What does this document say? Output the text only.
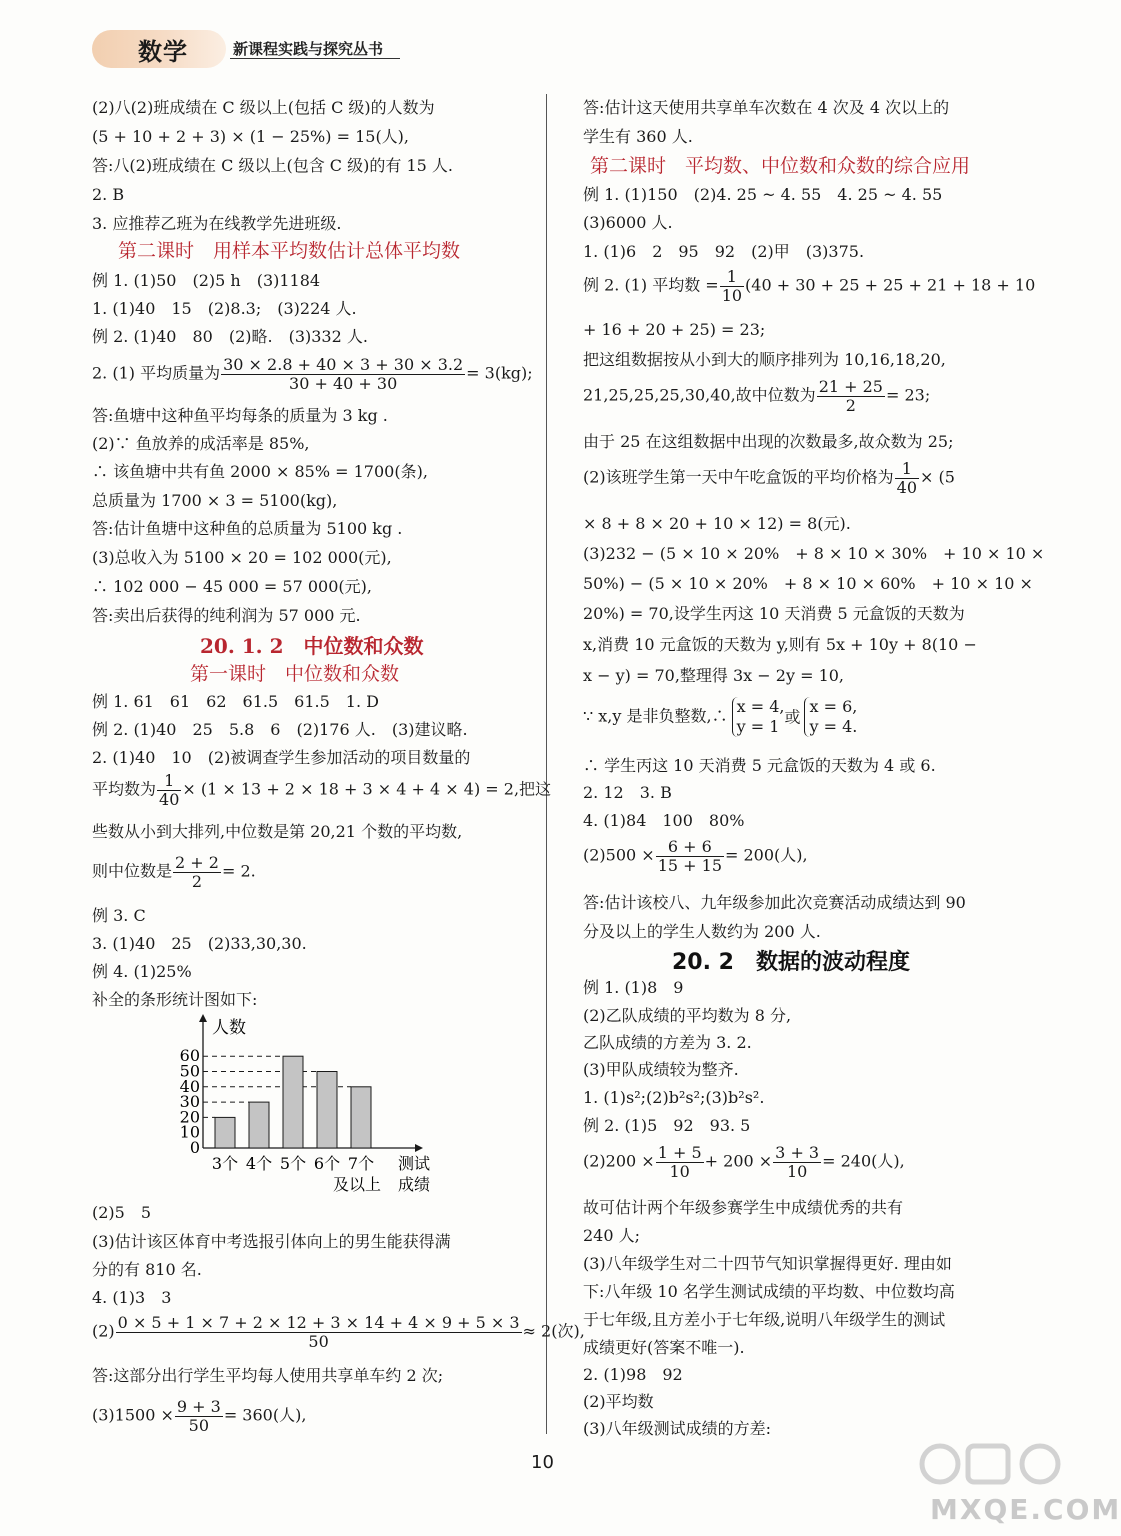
数学	新课程实践与探究丛书
(2)八(2)班成绩在 C 级以上(包括 C 级)的人数为
(5 + 10 + 2 + 3) × (1 − 25%) = 15(人),
答:八(2)班成绩在 C 级以上(包含 C 级)的有 15 人.
2. B
3. 应推荐乙班为在线教学先进班级.
第二课时　用样本平均数估计总体平均数
例 1. (1)50　(2)5 h　(3)1184
1. (1)40　15　(2)8.3;　(3)224 人.
例 2. (1)40　80　(2)略.　(3)332 人.
2. (1) 平均质量为 $\frac{30 \times 2.8 + 40 \times 3 + 30 \times 3.2}{30 + 40 + 30} = 3(kg)$;
答:鱼塘中这种鱼平均每条的质量为 3 kg .
(2)∵ 鱼放养的成活率是 85%,
∴ 该鱼塘中共有鱼 2000 × 85% = 1700(条),
总质量为 1700 × 3 = 5100(kg),
答:估计鱼塘中这种鱼的总质量为 5100 kg .
(3)总收入为 5100 × 20 = 102 000(元),
∴ 102 000 − 45 000 = 57 000(元),
答:卖出后获得的纯利润为 57 000 元.
20. 1. 2　中位数和众数
第一课时　中位数和众数
例 1. 61　61　62　61.5　61.5　1. D
例 2. (1)40　25　5.8　6　(2)176 人.　(3)建议略.
2. (1)40　10　(2)被调查学生参加活动的项目数量的
平均数为 $\frac{1}{40} \times (1 \times 13 + 2 \times 18 + 3 \times 4 + 4 \times 4) = 2$,把这
些数从小到大排列,中位数是第 20,21 个数的平均数,
则中位数是 $\frac{2 + 2}{2} = 2$.
例 3. C
3. (1)40　25　(2)33,30,30.
例 4. (1)25%
补全的条形统计图如下:
人数
0
10
20
30
40
50
60
3个 4个 5个 6个 7个 测试
成绩
及以上
(2)5　5
(3)估计该区体育中考选报引体向上的男生能获得满
分的有 810 名.
4. (1)3　3
$(2) \frac{0 \times 5 + 1 \times 7 + 2 \times 12 + 3 \times 14 + 4 \times 9 + 5 \times 3}{50} \approx 2$(次),
答:这部分出行学生平均每人使用共享单车约 2 次;
$(3)1500 \times \frac{9 + 3}{50} = 360$(人),
答:估计这天使用共享单车次数在 4 次及 4 次以上的
学生有 360 人.
第二课时　平均数、中位数和众数的综合应用
例 1. (1)150　(2)4. 25 ~ 4. 55　4. 25 ~ 4. 55
(3)6000 人.
1. (1)6　2　95　92　(2)甲　(3)375.
例 2. (1) 平均数 = $\frac{1}{10} (40 + 30 + 25 + 25 + 21 + 18 + 10$
+ 16 + 20 + 25) = 23;
把这组数据按从小到大的顺序排列为 10,16,18,20,
21,25,25,25,30,40,故中位数为 $\frac{21 + 25}{2} = 23$;
由于 25 在这组数据中出现的次数最多,故众数为 25;
(2)该班学生第一天中午吃盒饭的平均价格为 $\frac{1}{40} \times (5$
× 8 + 8 × 20 + 10 × 12) = 8(元).
(3)232 − (5 × 10 × 20%　+ 8 × 10 × 30%　+ 10 × 10 ×
50%) − (5 × 10 × 20%　+ 8 × 10 × 60%　+ 10 × 10 ×
20%) = 70,设学生丙这 10 天消费 5 元盒饭的天数为
x,消费 10 元盒饭的天数为 y,则有 5x + 10y + 8(10 −
x − y) = 70,整理得 3x − 2y = 10,
∵ x,y 是非负整数,∴ x = 4,
y = 1
或
x = 6,
y = 4.
∴ 学生丙这 10 天消费 5 元盒饭的天数为 4 或 6.
2. 12　3. B
4. (1)84　100　80%
$(2)500 \times \frac{6 + 6}{15 + 15} = 200$(人),
答:估计该校八、九年级参加此次竞赛活动成绩达到 90
分及以上的学生人数约为 200 人.
20. 2　数据的波动程度
例 1. (1)8　9
(2)乙队成绩的平均数为 8 分,
乙队成绩的方差为 3. 2.
(3)甲队成绩较为整齐.
1. (1)s²;(2)b²s²;(3)b²s².
例 2. (1)5　92　93. 5
$(2)200 \times \frac{1 + 5}{10} + 200 \times \frac{3 + 3}{10} = 240$(人),
故可估计两个年级参赛学生中成绩优秀的共有
240 人;
(3)八年级学生对二十四节气知识掌握得更好. 理由如
下:八年级 10 名学生测试成绩的平均数、中位数均高
于七年级,且方差小于七年级,说明八年级学生的测试
成绩更好(答案不唯一).
2. (1)98　92
(2)平均数
(3)八年级测试成绩的方差:
10
MXQE.COM
